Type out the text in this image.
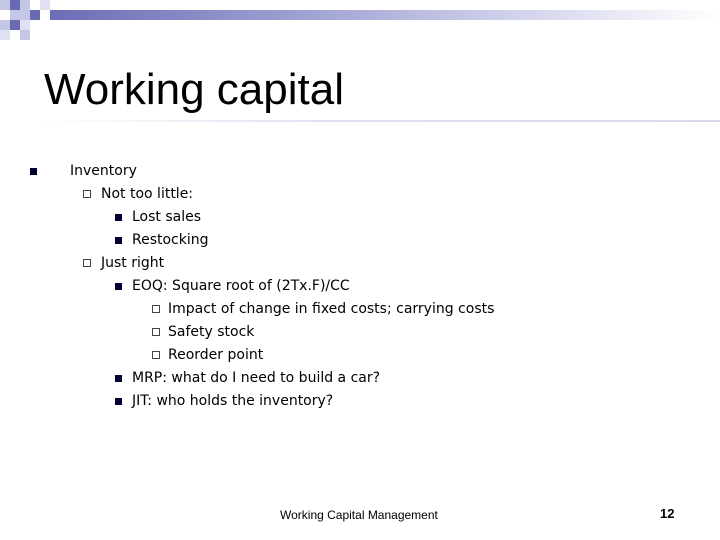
Working capital
Inventory
Not too little:
Lost sales
Restocking
Just right
EOQ: Square root of (2Tx.F)/CC
Impact of change in fixed costs; carrying costs
Safety stock
Reorder point
MRP: what do I need to build a car?
JIT: who holds the inventory?
Working Capital Management	12
